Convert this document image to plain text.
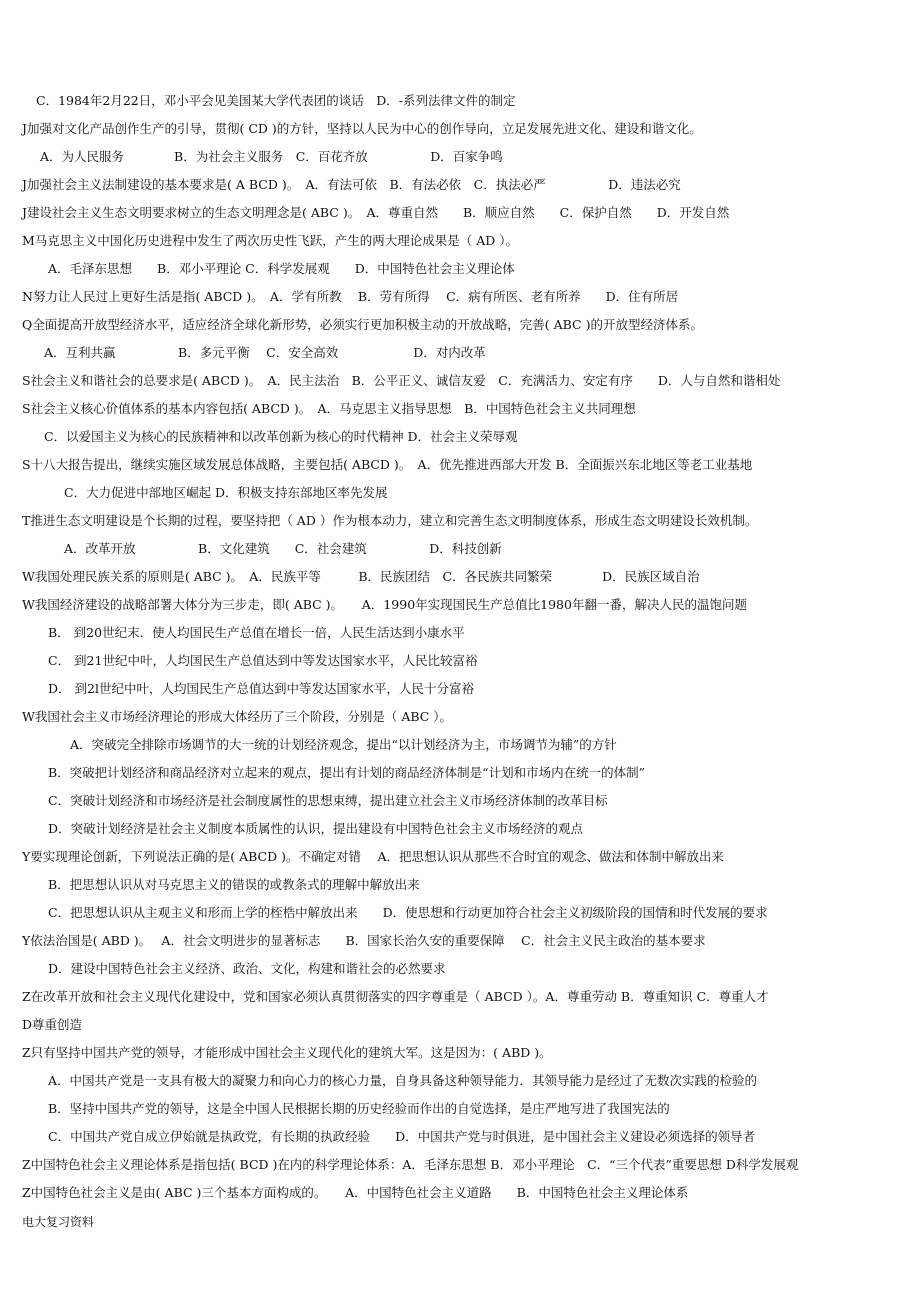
C．1984年2月22日，邓小平会见美国某大学代表团的谈话　D．-系列法律文件的制定
J加强对文化产品创作生产的引导，贯彻( CD )的方针，坚持以人民为中心的创作导向，立足发展先进文化、建设和谐文化。
A．为人民服务　　　　B．为社会主义服务　C．百花齐放　　　　　D．百家争鸣
J加强社会主义法制建设的基本要求是( A BCD )。　A．有法可依　B．有法必依　C．执法必严　　　　　D．违法必究
J建设社会主义生态文明要求树立的生态文明理念是( ABC )。　A．尊重自然　　B．顺应自然　　C．保护自然　　D．开发自然
M马克思主义中国化历史进程中发生了两次历史性飞跃，产生的两大理论成果是（ AD ）。
A．毛泽东思想　　B．邓小平理论 C．科学发展观　　D．中国特色社会主义理论体
N努力让人民过上更好生活是指( ABCD )。　A．学有所教　 B．劳有所得　 C．病有所医、老有所养　　D．住有所居
Q全面提高开放型经济水平，适应经济全球化新形势，必须实行更加积极主动的开放战略，完善( ABC )的开放型经济体系。
A．互利共赢　　　　　B．多元平衡　 C．安全高效　　　　　　D．对内改革
S社会主义和谐社会的总要求是( ABCD )。　A．民主法治　B．公平正义、诚信友爱　C．充满活力、安定有序　　D．人与自然和谐相处
S社会主义核心价值体系的基本内容包括( ABCD )。　A．马克思主义指导思想　B．中国特色社会主义共同理想
C．以爱国主义为核心的民族精神和以改革创新为核心的时代精神 D．社会主义荣辱观
S十八大报告提出，继续实施区域发展总体战略，主要包括( ABCD )。　A．优先推进西部大开发 B．全面振兴东北地区等老工业基地
C．大力促进中部地区崛起 D．积极支持东部地区率先发展
T推进生态文明建设是个长期的过程，要坚持把（ AD ）作为根本动力，建立和完善生态文明制度体系，形成生态文明建设长效机制。
A．改革开放　　　　　B．文化建筑　　C．社会建筑　　　　　D．科技创新
W我国处理民族关系的原则是( ABC )。　A．民族平等　　　B．民族团结　C．各民族共同繁荣　　　　D．民族区域自治
W我国经济建设的战略部署大体分为三步走，即( ABC )。　　A．1990年实现国民生产总值比1980年翻一番，解决人民的温饱问题
B． 到20世纪末．使人均国民生产总值在增长一倍，人民生活达到小康水平
C． 到21世纪中叶，人均国民生产总值达到中等发达国家水平，人民比较富裕
D． 到2l世纪中叶，人均国民生产总值达到中等发达国家水平，人民十分富裕
W我国社会主义市场经济理论的形成大体经历了三个阶段，分别是（ ABC ）。
A．突破完全排除市场调节的大一统的计划经济观念，提出“以计划经济为主，市场调节为辅”的方针
B．突破把计划经济和商品经济对立起来的观点，提出有计划的商品经济体制是“计划和市场内在统一的体制”
C．突破计划经济和市场经济是社会制度属性的思想束缚，提出建立社会主义市场经济体制的改革目标
D．突破计划经济是社会主义制度本质属性的认识，提出建设有中国特色社会主义市场经济的观点
Y要实现理论创新，下列说法正确的是( ABCD )。不确定对错　 A．把思想认识从那些不合时宜的观念、做法和体制中解放出来
B．把思想认识从对马克思主义的错误的或教条式的理解中解放出来
C．把思想认识从主观主义和形而上学的桎梏中解放出来　　D．使思想和行动更加符合社会主义初级阶段的国情和时代发展的要求
Y依法治国是( ABD )。　 A．社会文明进步的显著标志　　B．国家长治久安的重要保障　 C．社会主义民主政治的基本要求
D．建设中国特色社会主义经济、政治、文化，构建和谐社会的必然要求
Z在改革开放和社会主义现代化建设中，党和国家必须认真贯彻落实的四字尊重是（ ABCD ）。A．尊重劳动 B．尊重知识 C．尊重人才
D尊重创造
Z只有坚持中国共产党的领导，才能形成中国社会主义现代化的建筑大军。这是因为：( ABD )。
A．中国共产党是一支具有极大的凝聚力和向心力的核心力量，自身具备这种领导能力．其领导能力是经过了无数次实践的检验的
B．坚持中国共产党的领导，这是全中国人民根据长期的历史经验而作出的自觉选择，是庄严地写进了我国宪法的
C．中国共产党自成立伊始就是执政党，有长期的执政经验　　D．中国共产党与时俱进，是中国社会主义建设必须选择的领导者
Z中国特色社会主义理论体系是指包括( BCD )在内的科学理论体系：A．毛泽东思想 B．邓小平理论　C．“三个代表”重要思想 D科学发展观
Z中国特色社会主义是由( ABC )三个基本方面构成的。　　A．中国特色社会主义道路　　B．中国特色社会主义理论体系
电大复习资料
